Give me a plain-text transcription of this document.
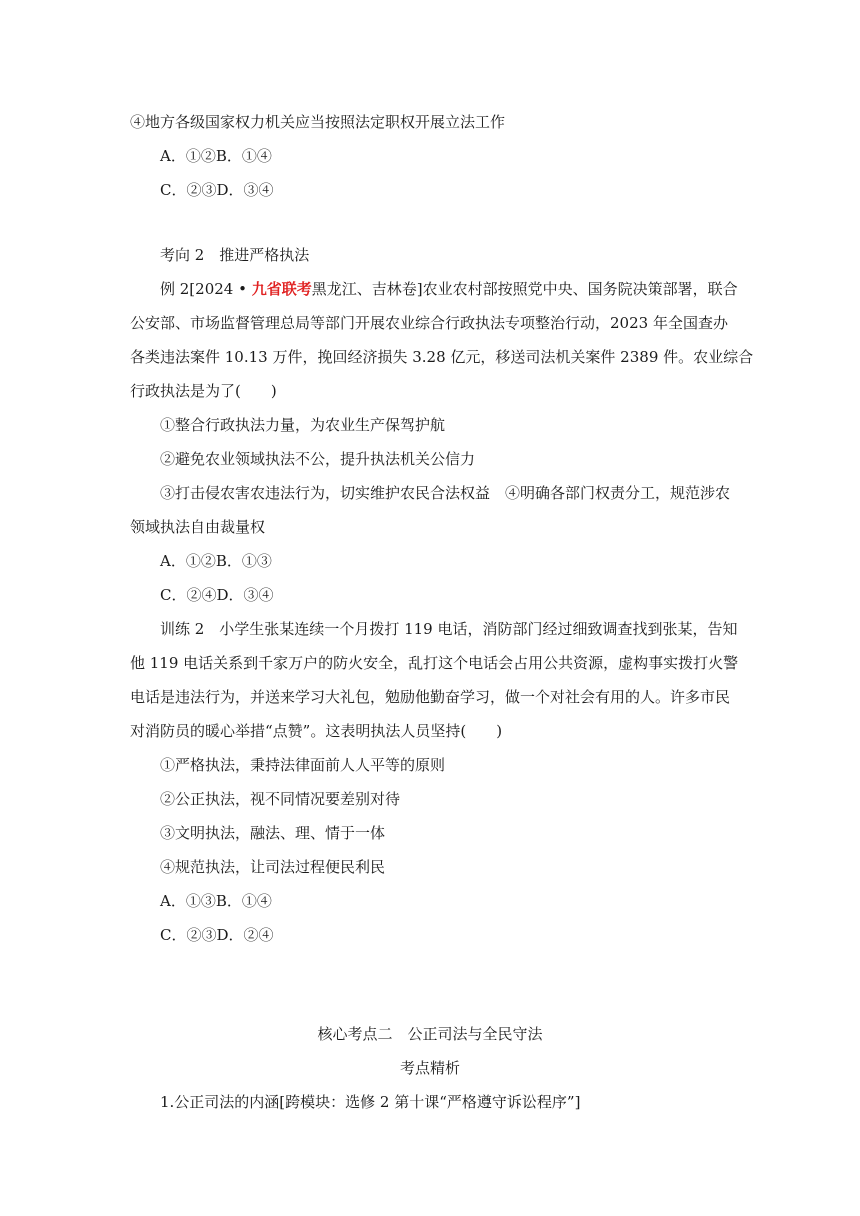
④地方各级国家权力机关应当按照法定职权开展立法工作
A．①②B．①④
C．②③D．③④
考向 2　推进严格执法
例 2[2024 • 九省联考黑龙江、吉林卷]农业农村部按照党中央、国务院决策部署，联合
公安部、市场监督管理总局等部门开展农业综合行政执法专项整治行动，2023 年全国查办
各类违法案件 10.13 万件，挽回经济损失 3.28 亿元，移送司法机关案件 2389 件。农业综合
行政执法是为了(　　)
①整合行政执法力量，为农业生产保驾护航
②避免农业领域执法不公，提升执法机关公信力
③打击侵农害农违法行为，切实维护农民合法权益　④明确各部门权责分工，规范涉农
领域执法自由裁量权
A．①②B．①③
C．②④D．③④
训练 2　小学生张某连续一个月拨打 119 电话，消防部门经过细致调查找到张某，告知
他 119 电话关系到千家万户的防火安全，乱打这个电话会占用公共资源，虚构事实拨打火警
电话是违法行为，并送来学习大礼包，勉励他勤奋学习，做一个对社会有用的人。许多市民
对消防员的暖心举措“点赞”。这表明执法人员坚持(　　)
①严格执法，秉持法律面前人人平等的原则
②公正执法，视不同情况要差别对待
③文明执法，融法、理、情于一体
④规范执法，让司法过程便民利民
A．①③B．①④
C．②③D．②④
核心考点二　公正司法与全民守法
考点精析
1.公正司法的内涵[跨模块：选修 2 第十课“严格遵守诉讼程序”]
